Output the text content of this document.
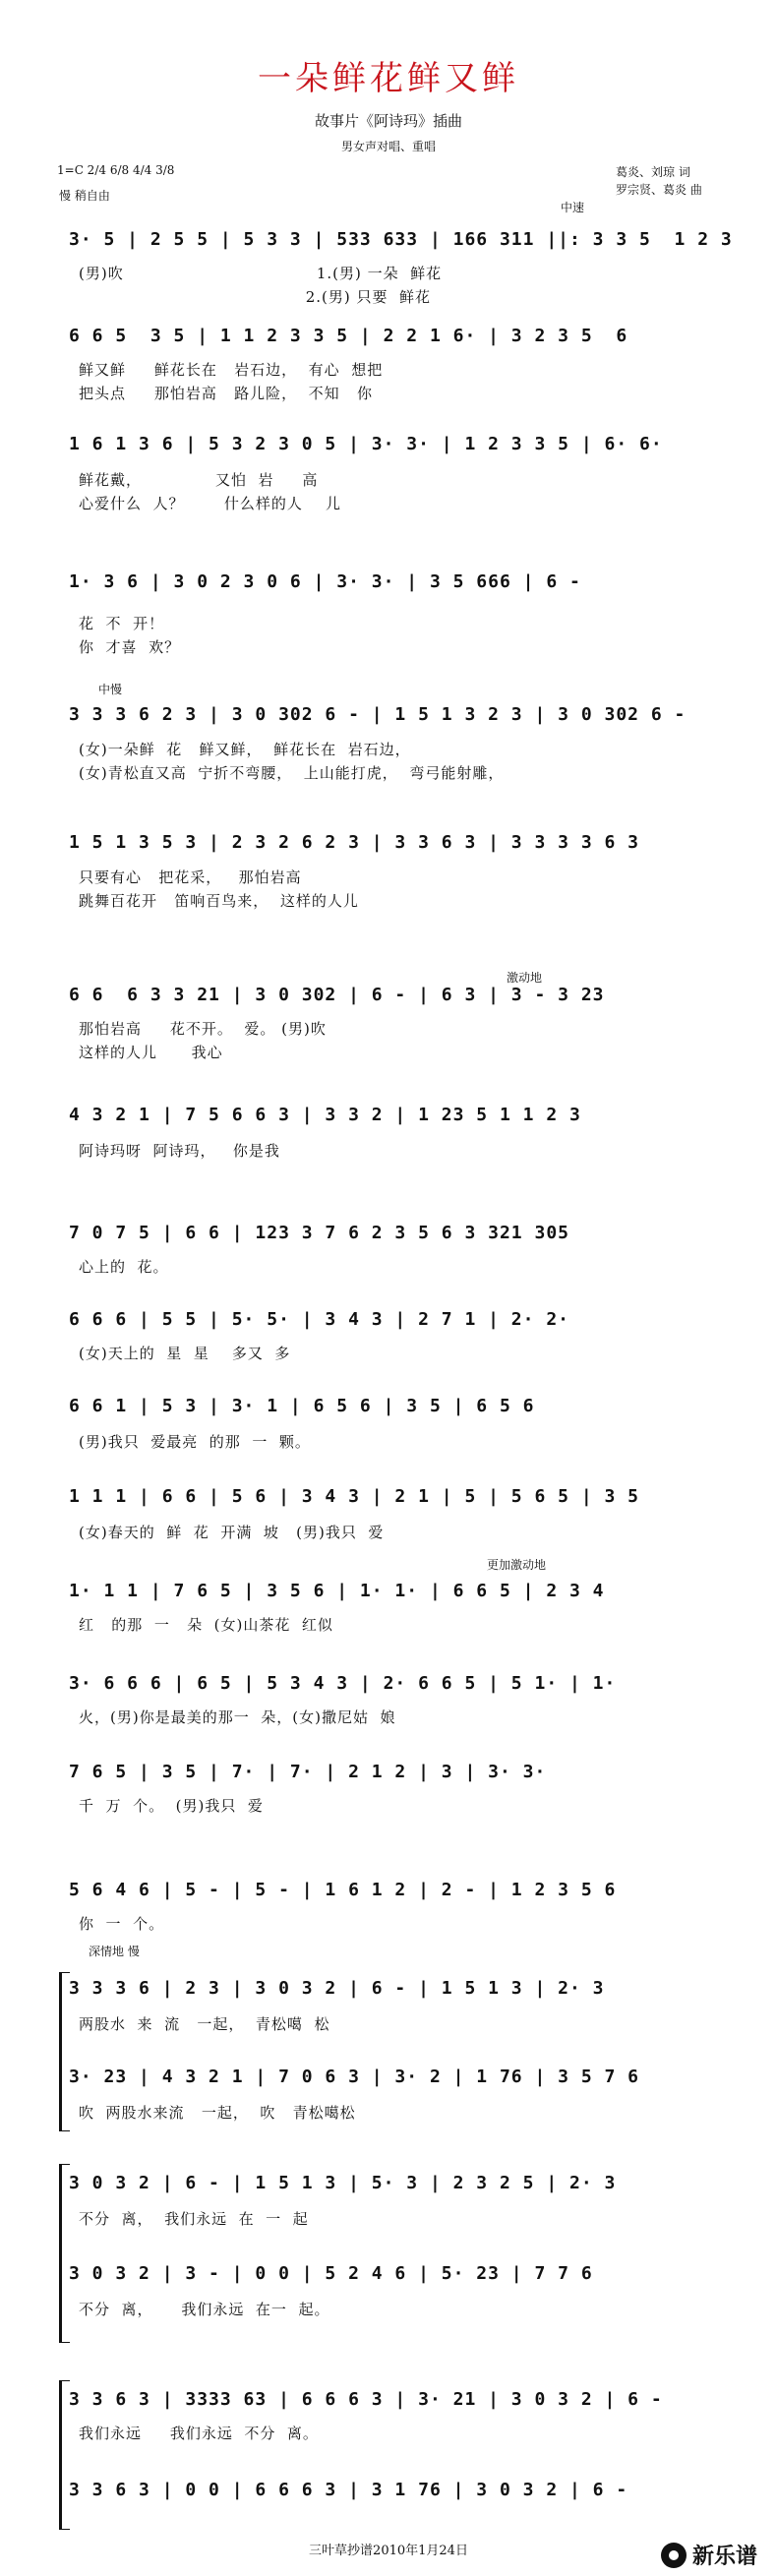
一朵鲜花鲜又鲜
故事片《阿诗玛》插曲
男女声对唱、重唱
1=C 2/4 6/8 4/4 3/8	葛炎、刘琼 词
罗宗贤、葛炎 曲
慢 稍自由
中速
中慢
激动地
更加激动地
深情地 慢
3· 5 | 2 5 5 | 5 3 3 | 533 633 | 166 311 ||: 3 3 5  1 2 3
(男)吹                                  1.(男) 一朵  鲜花
2.(男) 只要  鲜花
6 6 5  3 5 | 1 1 2 3 3 5 | 2 2 1 6· | 3 2 3 5  6
鲜又鲜     鲜花长在   岩石边，  有心  想把
把头点     那怕岩高   路儿险，  不知   你
1 6 1 3 6 | 5 3 2 3 0 5 | 3· 3· | 1 2 3 3 5 | 6· 6·
鲜花戴，             又怕  岩     高
心爱什么  人？       什么样的人    儿
1· 3 6 | 3 0 2 3 0 6 | 3· 3· | 3 5 666 | 6 -
花  不  开！
你  才喜  欢？
3 3 3 6 2 3 | 3 0 302 6 - | 1 5 1 3 2 3 | 3 0 302 6 -
(女)一朵鲜  花   鲜又鲜，  鲜花长在  岩石边，
(女)青松直又高  宁折不弯腰，  上山能打虎，  弯弓能射雕，
1 5 1 3 5 3 | 2 3 2 6 2 3 | 3 3 6 3 | 3 3 3 3 6 3
只要有心   把花采，   那怕岩高
跳舞百花开   笛响百鸟来，  这样的人儿
6 6  6 3 3 21 | 3 0 302 | 6 - | 6 3 | 3 - 3 23
那怕岩高     花不开。  爱。 (男)吹
这样的人儿      我心
4 3 2 1 | 7 5 6 6 3 | 3 3 2 | 1 23 5 1 1 2 3
阿诗玛呀  阿诗玛，   你是我
7 0 7 5 | 6 6 | 123 3 7 6 2 3 5 6 3 321 305
心上的  花。
6 6 6 | 5 5 | 5· 5· | 3 4 3 | 2 7 1 | 2· 2·
(女)天上的  星  星    多又  多
6 6 1 | 5 3 | 3· 1 | 6 5 6 | 3 5 | 6 5 6
(男)我只  爱最亮  的那  一  颗。
1 1 1 | 6 6 | 5 6 | 3 4 3 | 2 1 | 5 | 5 6 5 | 3 5
(女)春天的  鲜  花  开满  坡   (男)我只  爱
1· 1 1 | 7 6 5 | 3 5 6 | 1· 1· | 6 6 5 | 2 3 4
红   的那  一   朵  (女)山茶花  红似
3· 6 6 6 | 6 5 | 5 3 4 3 | 2· 6 6 5 | 5 1· | 1·
火，(男)你是最美的那一  朵，(女)撒尼姑  娘
7 6 5 | 3 5 | 7· | 7· | 2 1 2 | 3 | 3· 3·
千  万  个。  (男)我只  爱
5 6 4 6 | 5 - | 5 - | 1 6 1 2 | 2 - | 1 2 3 5 6
你  一  个。
3 3 3 6 | 2 3 | 3 0 3 2 | 6 - | 1 5 1 3 | 2· 3
两股水  来  流   一起，  青松噶  松
3· 23 | 4 3 2 1 | 7 0 6 3 | 3· 2 | 1 76 | 3 5 7 6
吹  两股水来流   一起，  吹   青松噶松
3 0 3 2 | 6 - | 1 5 1 3 | 5· 3 | 2 3 2 5 | 2· 3
不分  离，  我们永远  在  一  起
3 0 3 2 | 3 - | 0 0 | 5 2 4 6 | 5· 23 | 7 7 6
不分  离，     我们永远  在一  起。
3 3 6 3 | 3333 63 | 6 6 6 3 | 3· 21 | 3 0 3 2 | 6 -
我们永远     我们永远  不分  离。
3 3 6 3 | 0 0 | 6 6 6 3 | 3 1 76 | 3 0 3 2 | 6 -
三叶草抄谱2010年1月24日	新乐谱
